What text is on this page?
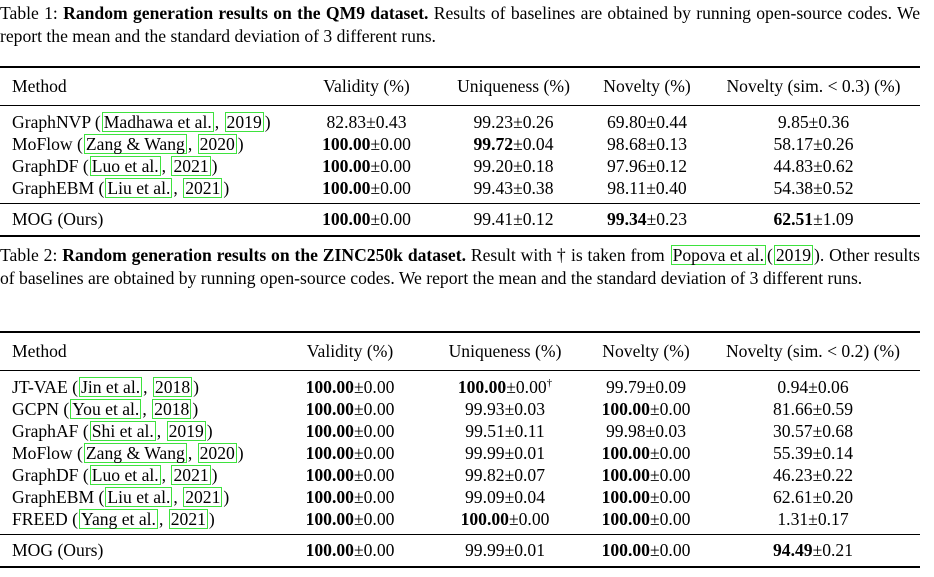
Table 1: Random generation results on the QM9 dataset. Results of baselines are obtained by running open-source codes. We report the mean and the standard deviation of 3 different runs.
Method	Validity (%)	Uniqueness (%)	Novelty (%)	Novelty (sim. < 0.3) (%)
GraphNVP ( Madhawa et al. , 2019 )	82.83±0.43	99.23±0.26	69.80±0.44	9.85±0.36
MoFlow ( Zang & Wang , 2020 )	100.00±0.00	99.72±0.04	98.68±0.13	58.17±0.26
GraphDF ( Luo et al. , 2021 )	100.00±0.00	99.20±0.18	97.96±0.12	44.83±0.62
GraphEBM ( Liu et al. , 2021 )	100.00±0.00	99.43±0.38	98.11±0.40	54.38±0.52
MOG (Ours)	100.00±0.00	99.41±0.12	99.34±0.23	62.51±1.09
Table 2: Random generation results on the ZINC250k dataset. Result with † is taken from Popova et al. ( 2019 ). Other results of baselines are obtained by running open-source codes. We report the mean and the standard deviation of 3 different runs.
Method	Validity (%)	Uniqueness (%)	Novelty (%)	Novelty (sim. < 0.2) (%)
JT-VAE ( Jin et al. , 2018 )	100.00±0.00	100.00±0.00†	99.79±0.09	0.94±0.06
GCPN ( You et al. , 2018 )	100.00±0.00	99.93±0.03	100.00±0.00	81.66±0.59
GraphAF ( Shi et al. , 2019 )	100.00±0.00	99.51±0.11	99.98±0.03	30.57±0.68
MoFlow ( Zang & Wang , 2020 )	100.00±0.00	99.99±0.01	100.00±0.00	55.39±0.14
GraphDF ( Luo et al. , 2021 )	100.00±0.00	99.82±0.07	100.00±0.00	46.23±0.22
GraphEBM ( Liu et al. , 2021 )	100.00±0.00	99.09±0.04	100.00±0.00	62.61±0.20
FREED ( Yang et al. , 2021 )	100.00±0.00	100.00±0.00	100.00±0.00	1.31±0.17
MOG (Ours)	100.00±0.00	99.99±0.01	100.00±0.00	94.49±0.21
